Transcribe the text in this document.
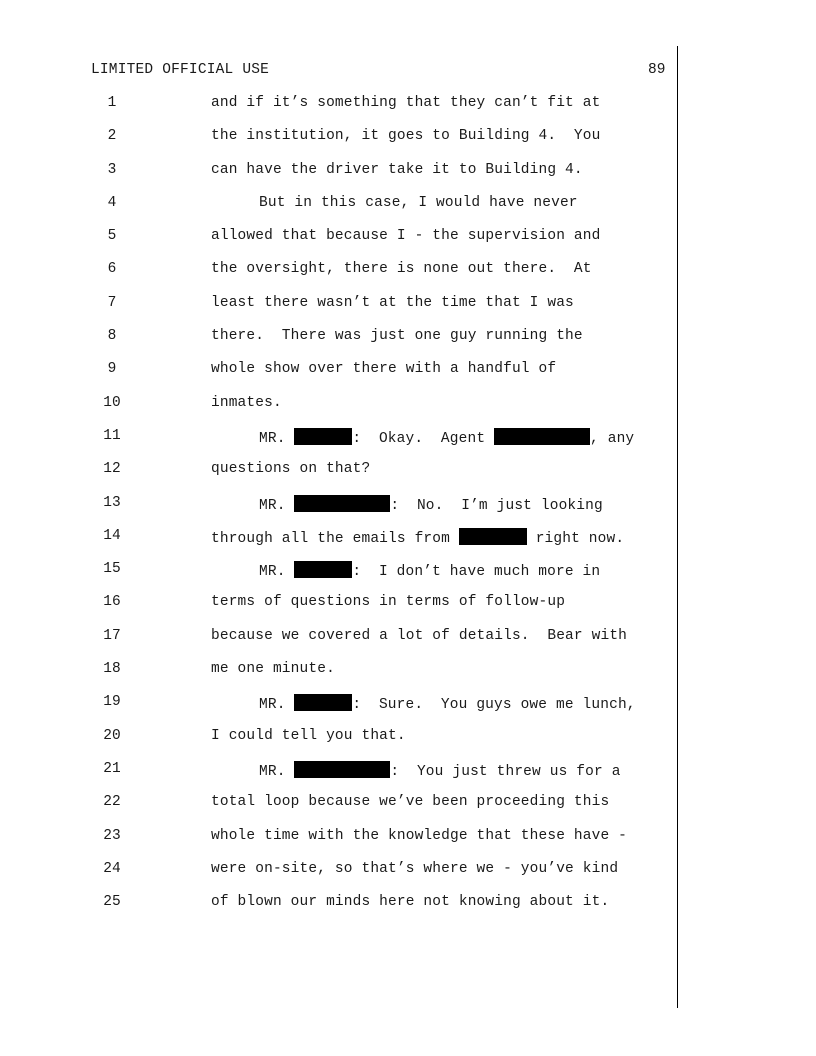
LIMITED OFFICIAL USE	89
1	and if it’s something that they can’t fit at
2	the institution, it goes to Building 4.  You
3	can have the driver take it to Building 4.
4	But in this case, I would have never
5	allowed that because I - the supervision and
6	the oversight, there is none out there.  At
7	least there wasn’t at the time that I was
8	there.  There was just one guy running the
9	whole show over there with a handful of
10	inmates.
11	MR.	:  Okay.  Agent	, any
12	questions on that?
13	MR.	:  No.  I’m just looking
14	through all the emails from	right now.
15	MR.	:  I don’t have much more in
16	terms of questions in terms of follow-up
17	because we covered a lot of details.  Bear with
18	me one minute.
19	MR.	:  Sure.  You guys owe me lunch,
20	I could tell you that.
21	MR.	:  You just threw us for a
22	total loop because we’ve been proceeding this
23	whole time with the knowledge that these have -
24	were on-site, so that’s where we - you’ve kind
25	of blown our minds here not knowing about it.
